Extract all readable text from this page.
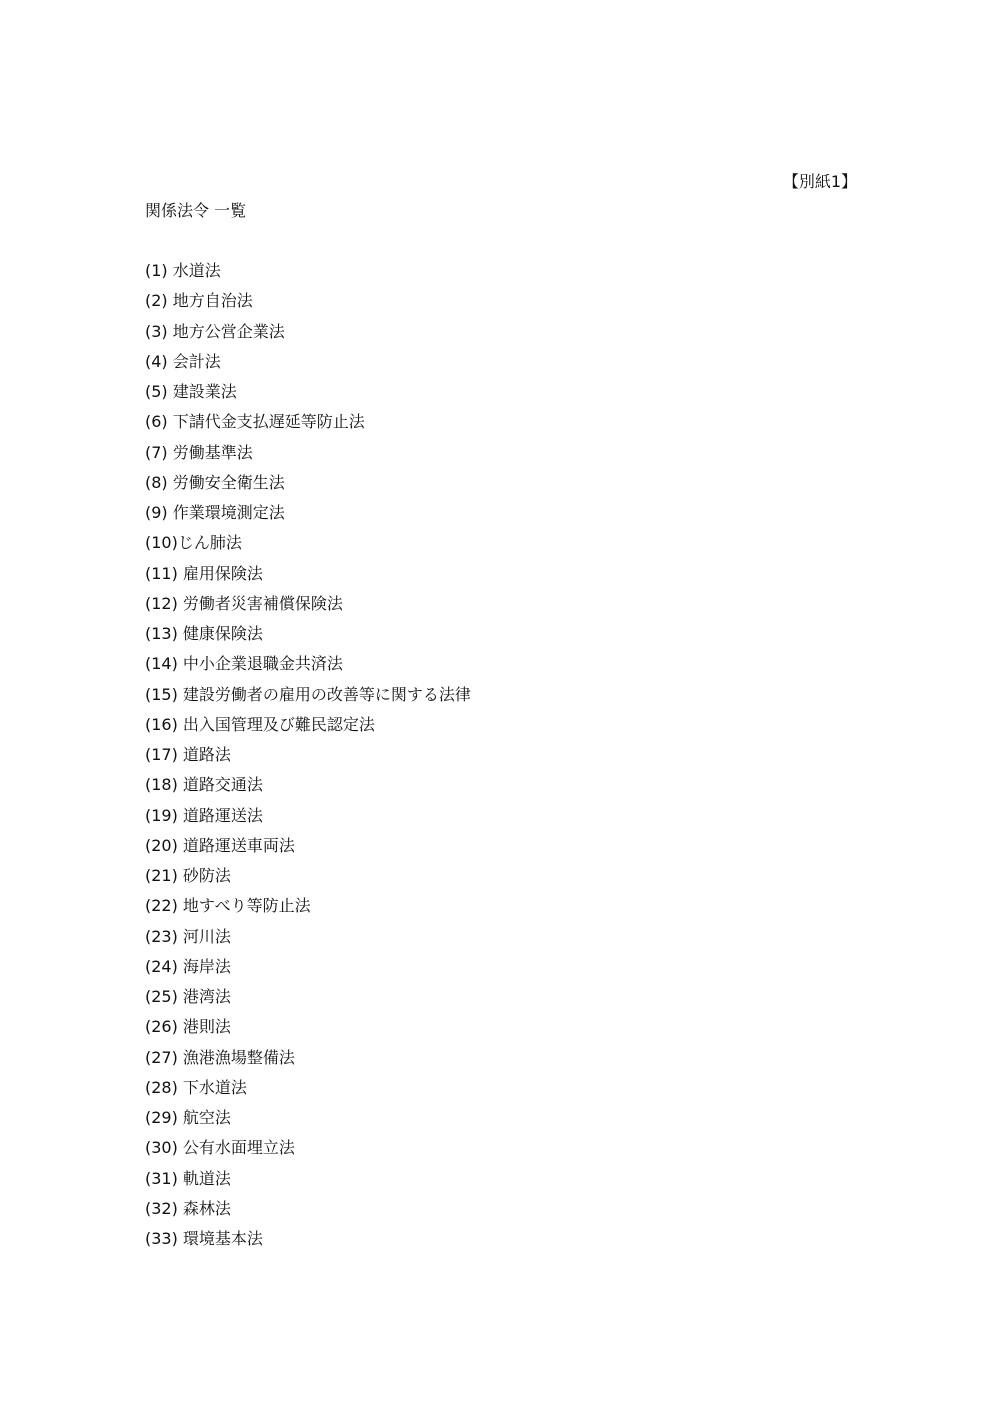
【別紙1】
関係法令 一覧
(1) 水道法
(2) 地方自治法
(3) 地方公営企業法
(4) 会計法
(5) 建設業法
(6) 下請代金支払遅延等防止法
(7) 労働基準法
(8) 労働安全衛生法
(9) 作業環境測定法
(10)じん肺法
(11) 雇用保険法
(12) 労働者災害補償保険法
(13) 健康保険法
(14) 中小企業退職金共済法
(15) 建設労働者の雇用の改善等に関する法律
(16) 出入国管理及び難民認定法
(17) 道路法
(18) 道路交通法
(19) 道路運送法
(20) 道路運送車両法
(21) 砂防法
(22) 地すべり等防止法
(23) 河川法
(24) 海岸法
(25) 港湾法
(26) 港則法
(27) 漁港漁場整備法
(28) 下水道法
(29) 航空法
(30) 公有水面埋立法
(31) 軌道法
(32) 森林法
(33) 環境基本法
